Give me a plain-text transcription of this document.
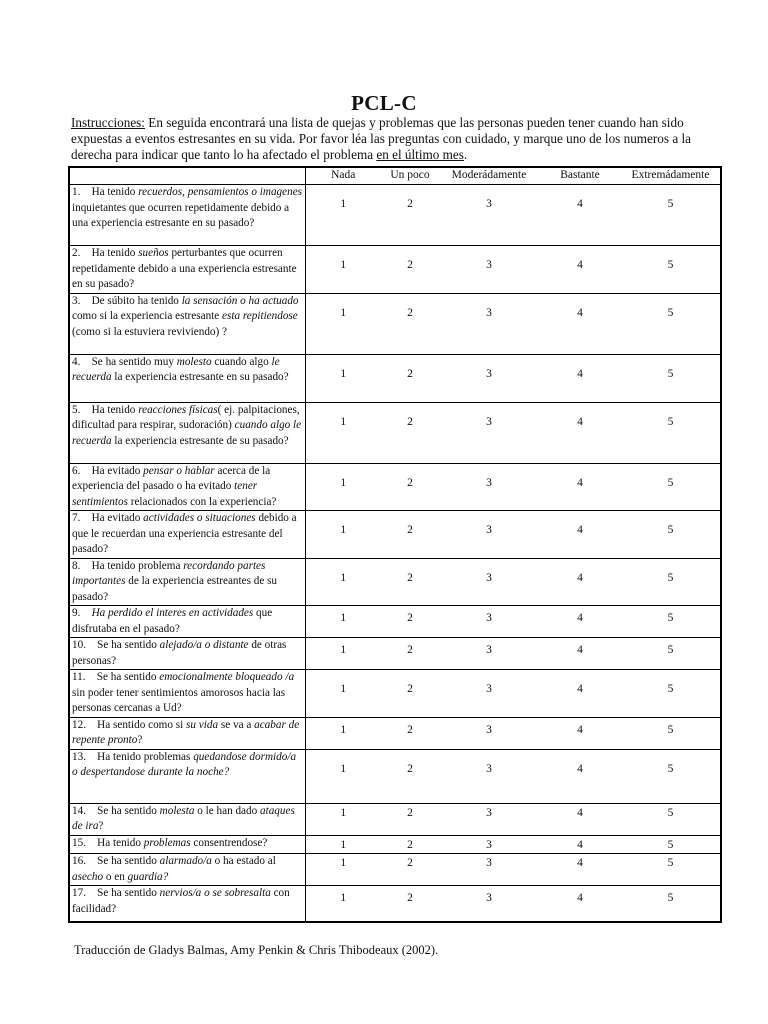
PCL-C
Instrucciones: En seguida encontrará una lista de quejas y problemas que las personas pueden tener cuando han sido expuestas a eventos estresantes en su vida. Por favor léa las preguntas con cuidado, y marque uno de los numeros a la derecha para indicar que tanto lo ha afectado el problema en el último mes.
	Nada	Un poco	Moderádamente	Bastante	Extremádamente
1. Ha tenido recuerdos, pensamientos o imagenes inquietantes que ocurren repetidamente debido a una experiencia estresante en su pasado?	1	2	3	4	5
2. Ha tenido sueños perturbantes que ocurren repetidamente debido a una experiencia estresante en su pasado?	1	2	3	4	5
3. De súbito ha tenido la sensación o ha actuado como si la experiencia estresante esta repitiendose (como si la estuviera reviviendo) ?	1	2	3	4	5
4. Se ha sentido muy molesto cuando algo le recuerda la experiencia estresante en su pasado?	1	2	3	4	5
5. Ha tenido reacciones físicas( ej. palpitaciones, dificultad para respirar, sudoración) cuando algo le recuerda la experiencia estresante de su pasado?	1	2	3	4	5
6. Ha evitado pensar o hablar acerca de la experiencia del pasado o ha evitado tener sentimientos relacionados con la experiencia?	1	2	3	4	5
7. Ha evitado actividades o situaciones debido a que le recuerdan una experiencia estresante del pasado?	1	2	3	4	5
8. Ha tenido problema recordando partes importantes de la experiencia estreantes de su pasado?	1	2	3	4	5
9. Ha perdido el interes en actividades que disfrutaba en el pasado?	1	2	3	4	5
10. Se ha sentido alejado/a o distante de otras personas?	1	2	3	4	5
11. Se ha sentido emocionalmente bloqueado /a sin poder tener sentimientos amorosos hacia las personas cercanas a Ud?	1	2	3	4	5
12. Ha sentido como si su vida se va a acabar de repente pronto?	1	2	3	4	5
13. Ha tenido problemas quedandose dormido/a o despertandose durante la noche?	1	2	3	4	5
14. Se ha sentido molesta o le han dado ataques de ira?	1	2	3	4	5
15. Ha tenido problemas consentrendose?	1	2	3	4	5
16. Se ha sentido alarmado/a o ha estado al asecho o en guardia?	1	2	3	4	5
17. Se ha sentido nervios/a o se sobresalta con facilidad?	1	2	3	4	5
Traducción de Gladys Balmas, Amy Penkin & Chris Thibodeaux (2002).
